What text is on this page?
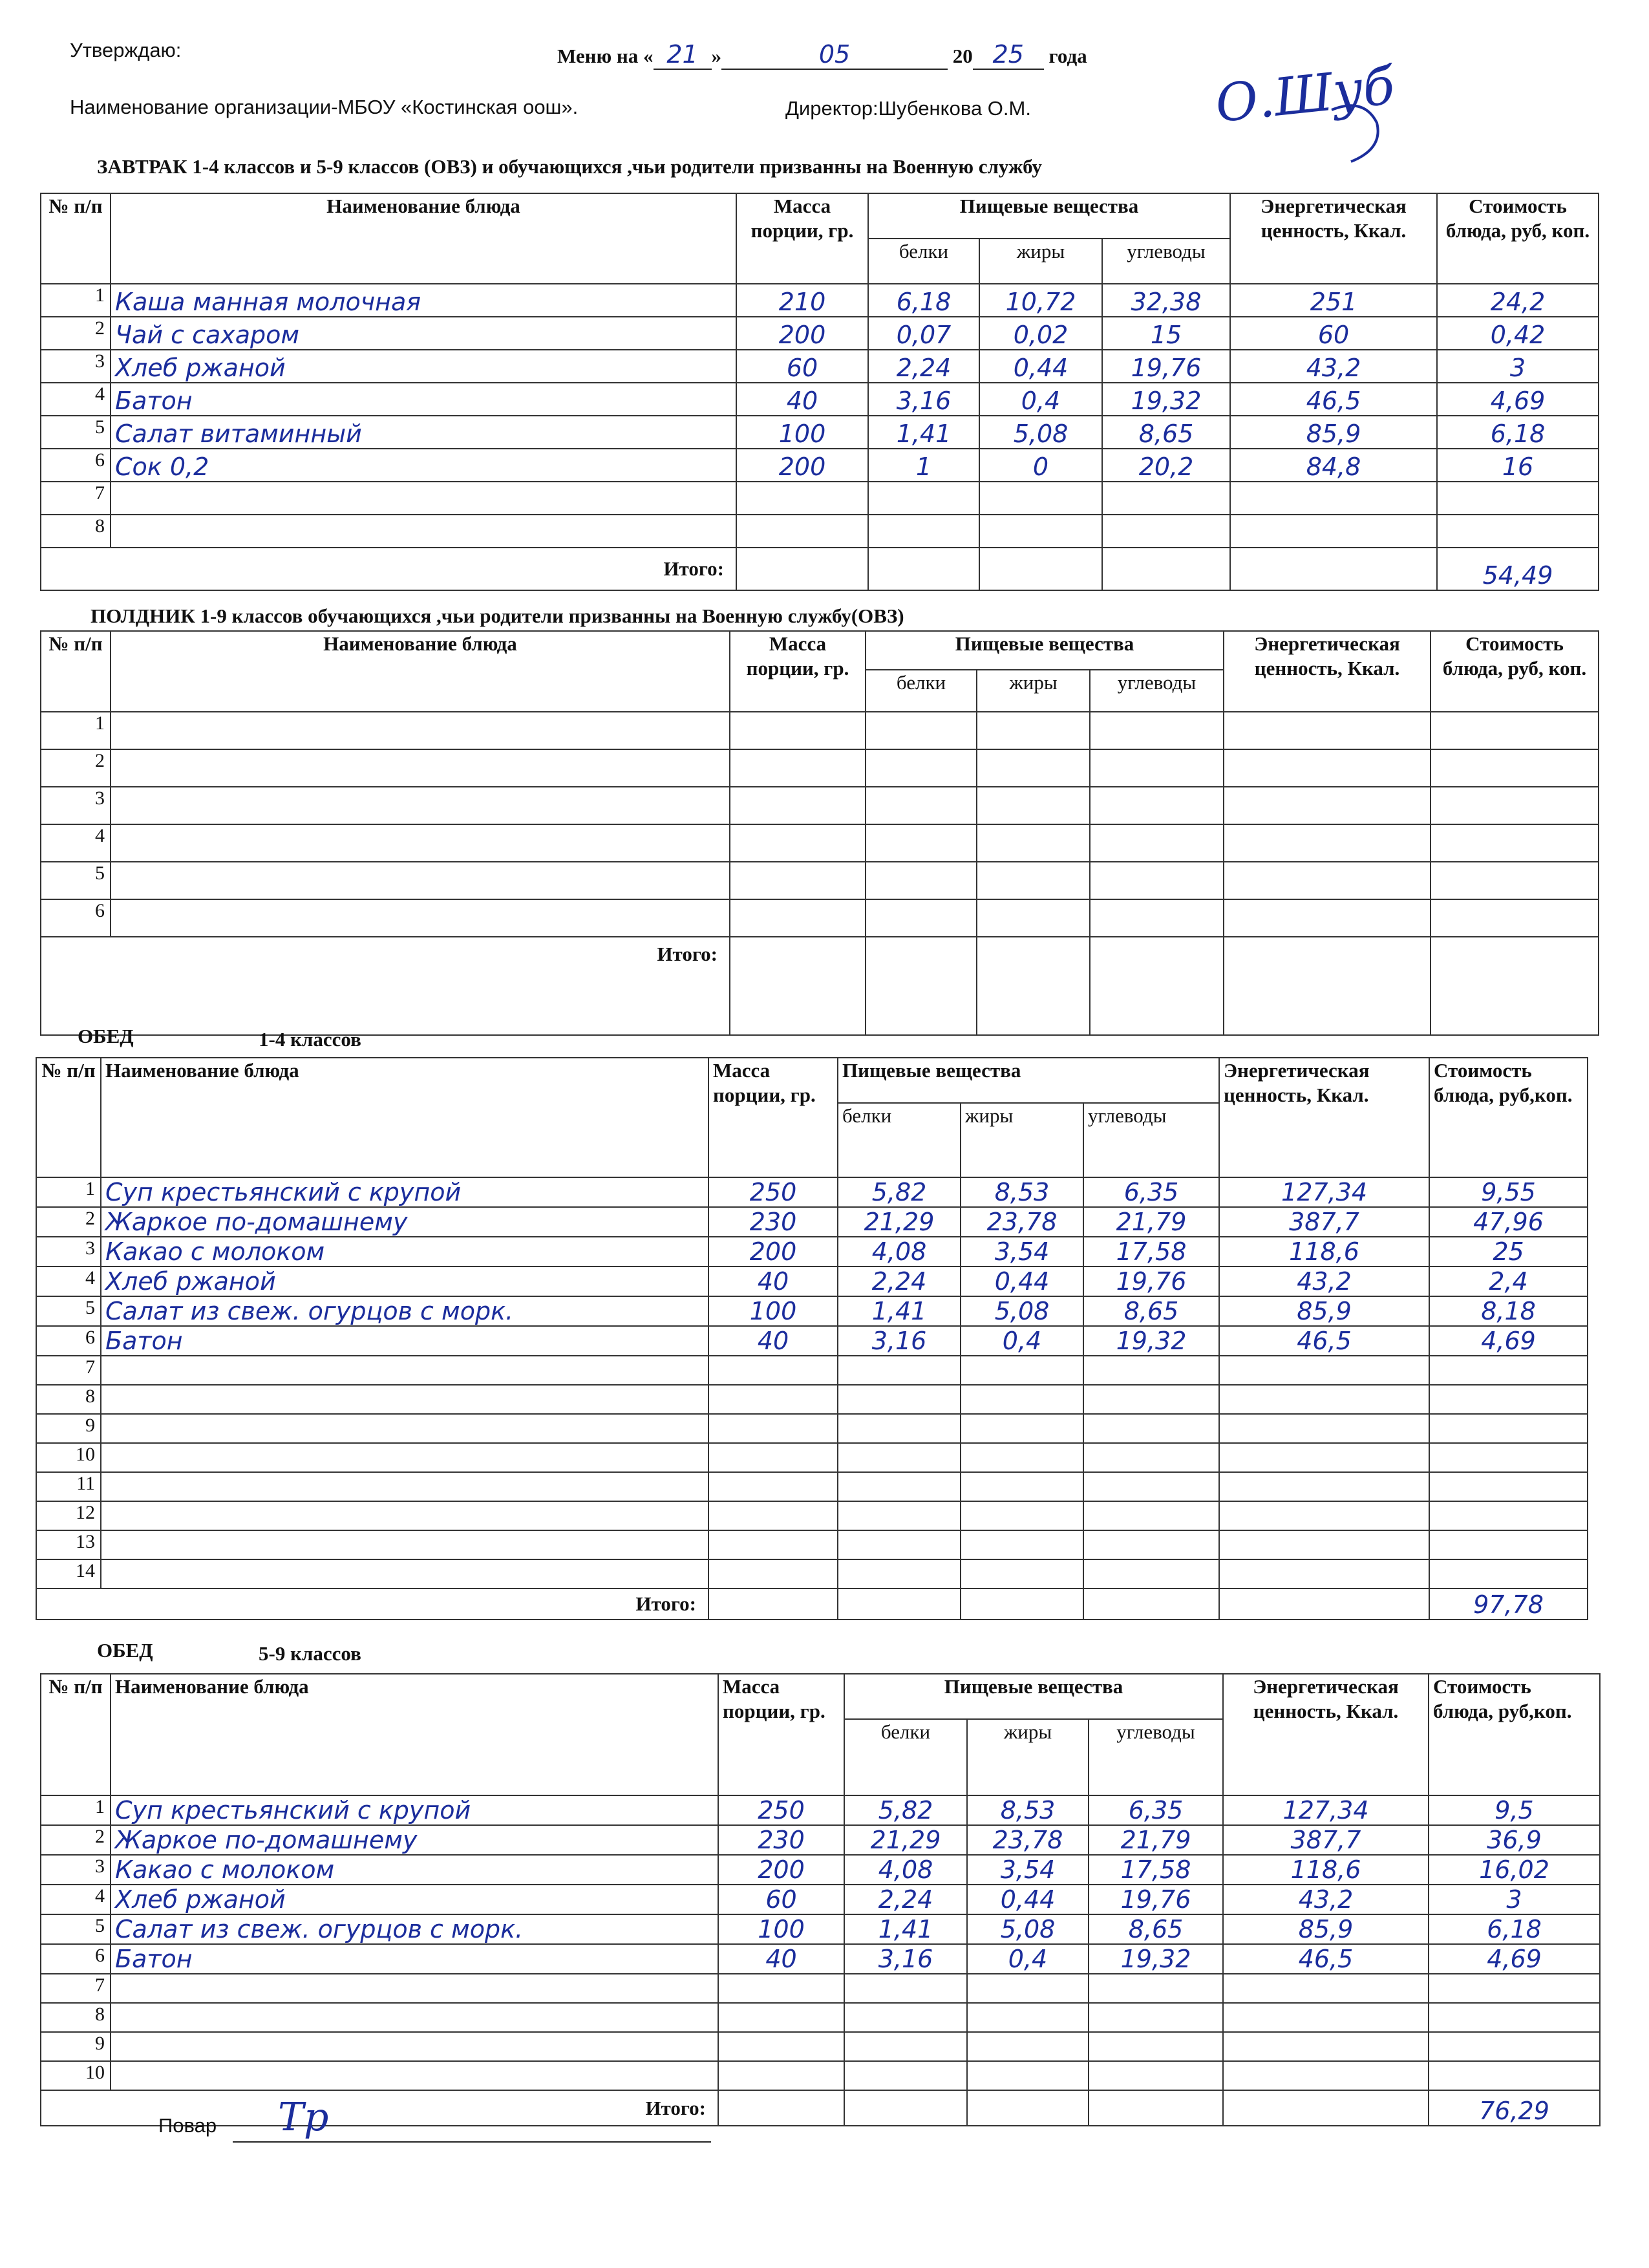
Утверждаю:	Меню на « 21 »	05	20 25 года
Наименование организации-МБОУ «Костинская оош».	Директор:Шубенкова О.М.	О.Шуб
ЗАВТРАК 1-4 классов и 5-9 классов (ОВЗ) и обучающихся ,чьи родители призванны на Военную службу
№ п/п	Наименование блюда	Масса порции, гр.	Пищевые вещества			Энергетическая ценность, Ккал.	Стоимость блюда, руб, коп.
			белки	жиры	углеводы		
1	Каша манная молочная	210	6,18	10,72	32,38	251	24,2
2	Чай с сахаром	200	0,07	0,02	15	60	0,42
3	Хлеб ржаной	60	2,24	0,44	19,76	43,2	3
4	Батон	40	3,16	0,4	19,32	46,5	4,69
5	Салат витаминный	100	1,41	5,08	8,65	85,9	6,18
6	Сок 0,2	200	1	0	20,2	84,8	16
7							
8							
Итого:							54,49
ПОЛДНИК 1-9 классов обучающихся ,чьи родители призванны на Военную службу(ОВЗ)
№ п/п	Наименование блюда	Масса порции, гр.	Пищевые вещества			Энергетическая ценность, Ккал.	Стоимость блюда, руб, коп.
			белки	жиры	углеводы		
1							
2							
3							
4							
5							
6							
Итого:							
ОБЕД	1-4 классов
№ п/п	Наименование блюда	Масса порции, гр.	Пищевые вещества			Энергетическая ценность, Ккал.	Стоимость блюда, руб,коп.
			белки	жиры	углеводы		
1	Суп крестьянский с крупой	250	5,82	8,53	6,35	127,34	9,55
2	Жаркое по-домашнему	230	21,29	23,78	21,79	387,7	47,96
3	Какао с молоком	200	4,08	3,54	17,58	118,6	25
4	Хлеб ржаной	40	2,24	0,44	19,76	43,2	2,4
5	Салат из свеж. огурцов с морк.	100	1,41	5,08	8,65	85,9	8,18
6	Батон	40	3,16	0,4	19,32	46,5	4,69
7							
8							
9							
10							
11							
12							
13							
14							
Итого:							97,78
ОБЕД	5-9 классов
№ п/п	Наименование блюда	Масса порции, гр.	Пищевые вещества			Энергетическая ценность, Ккал.	Стоимость блюда, руб,коп.
			белки	жиры	углеводы		
1	Суп крестьянский с крупой	250	5,82	8,53	6,35	127,34	9,5
2	Жаркое по-домашнему	230	21,29	23,78	21,79	387,7	36,9
3	Какао с молоком	200	4,08	3,54	17,58	118,6	16,02
4	Хлеб ржаной	60	2,24	0,44	19,76	43,2	3
5	Салат из свеж. огурцов с морк.	100	1,41	5,08	8,65	85,9	6,18
6	Батон	40	3,16	0,4	19,32	46,5	4,69
7							
8							
9							
10							
Итого:							76,29
Повар Тр
